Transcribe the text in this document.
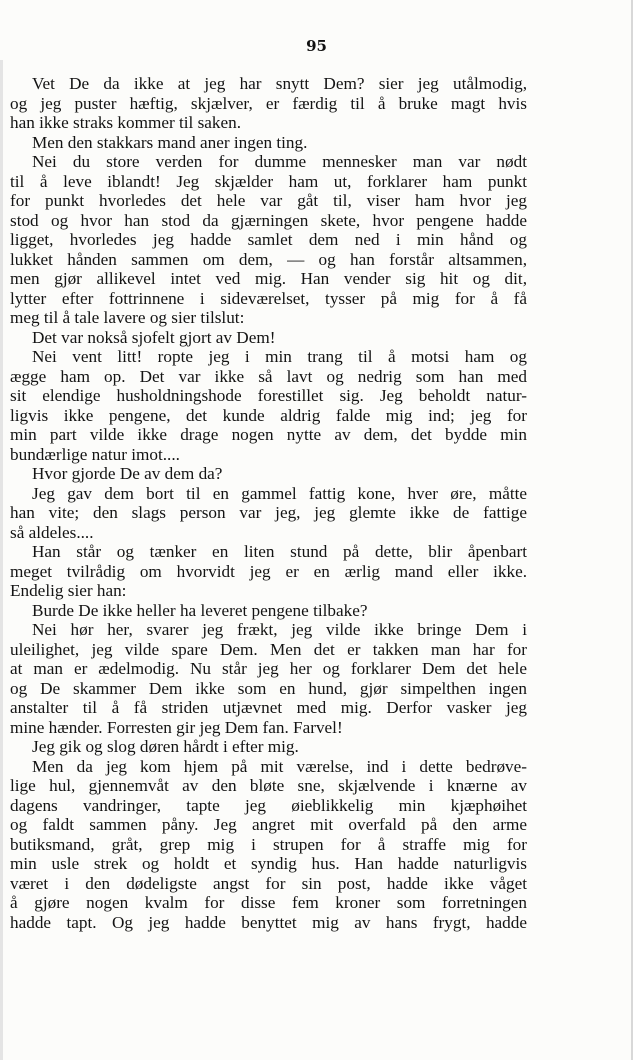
95
Vet De da ikke at jeg har snytt Dem? sier jeg utålmodig,
og jeg puster hæftig, skjælver, er færdig til å bruke magt hvis
han ikke straks kommer til saken.
Men den stakkars mand aner ingen ting.
Nei du store verden for dumme mennesker man var nødt
til å leve iblandt! Jeg skjælder ham ut, forklarer ham punkt
for punkt hvorledes det hele var gåt til, viser ham hvor jeg
stod og hvor han stod da gjærningen skete, hvor pengene hadde
ligget, hvorledes jeg hadde samlet dem ned i min hånd og
lukket hånden sammen om dem, — og han forstår altsammen,
men gjør allikevel intet ved mig. Han vender sig hit og dit,
lytter efter fottrinnene i sideværelset, tysser på mig for å få
meg til å tale lavere og sier tilslut:
Det var nokså sjofelt gjort av Dem!
Nei vent litt! ropte jeg i min trang til å motsi ham og
ægge ham op. Det var ikke så lavt og nedrig som han med
sit elendige husholdningshode forestillet sig. Jeg beholdt natur-
ligvis ikke pengene, det kunde aldrig falde mig ind; jeg for
min part vilde ikke drage nogen nytte av dem, det bydde min
bundærlige natur imot....
Hvor gjorde De av dem da?
Jeg gav dem bort til en gammel fattig kone, hver øre, måtte
han vite; den slags person var jeg, jeg glemte ikke de fattige
så aldeles....
Han står og tænker en liten stund på dette, blir åpenbart
meget tvilrådig om hvorvidt jeg er en ærlig mand eller ikke.
Endelig sier han:
Burde De ikke heller ha leveret pengene tilbake?
Nei hør her, svarer jeg frækt, jeg vilde ikke bringe Dem i
uleilighet, jeg vilde spare Dem. Men det er takken man har for
at man er ædelmodig. Nu står jeg her og forklarer Dem det hele
og De skammer Dem ikke som en hund, gjør simpelthen ingen
anstalter til å få striden utjævnet med mig. Derfor vasker jeg
mine hænder. Forresten gir jeg Dem fan. Farvel!
Jeg gik og slog døren hårdt i efter mig.
Men da jeg kom hjem på mit værelse, ind i dette bedrøve-
lige hul, gjennemvåt av den bløte sne, skjælvende i knærne av
dagens vandringer, tapte jeg øieblikkelig min kjæphøihet
og faldt sammen påny. Jeg angret mit overfald på den arme
butiksmand, gråt, grep mig i strupen for å straffe mig for
min usle strek og holdt et syndig hus. Han hadde naturligvis
været i den dødeligste angst for sin post, hadde ikke våget
å gjøre nogen kvalm for disse fem kroner som forretningen
hadde tapt. Og jeg hadde benyttet mig av hans frygt, hadde
